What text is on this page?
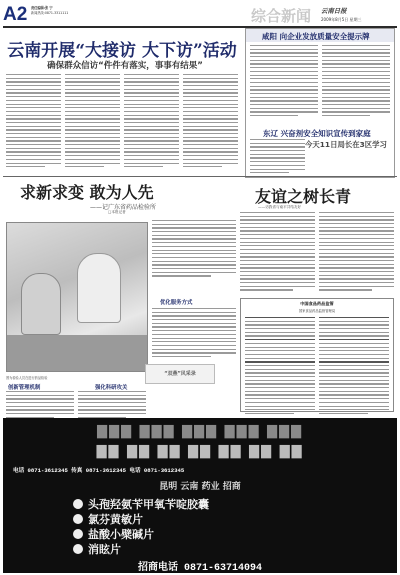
A2 责任编辑:张 宁
新闻热线:0871-3311111	综合新闻 云南日报
2009年8月5日 星期三
云南开展“大接访 大下访”活动
确保群众信访“件件有落实，事事有结果”
咸阳 向企业发放质量安全提示牌
东辽 兴奋剂安全知识宣传到家庭
今天11日局长在3区学习
求新求变 敢为人先
——记广东省药品检验所
□本报记者
图为检验人员在进行药品检验
优化服务方式
创新管理机制	强化科研攻关
“双燕”风采录
友谊之树长青
——访我省与南平共结友好
中国食品药品监管
国家食品药品监督管理局
▇▇▇ ▇▇▇ ▇▇▇ ▇▇▇ ▇▇▇
▇▇ ▇▇ ▇▇ ▇▇ ▇▇ ▇▇ ▇▇
电话 0871-3612345 传真 0871-3612345 电话 0871-3612345
昆明 云南 药业 招商
头孢羟氨苄甲氧苄啶胶囊
氯芬黄敏片
盐酸小檗碱片
消眩片
招商电话 0871-63714094
